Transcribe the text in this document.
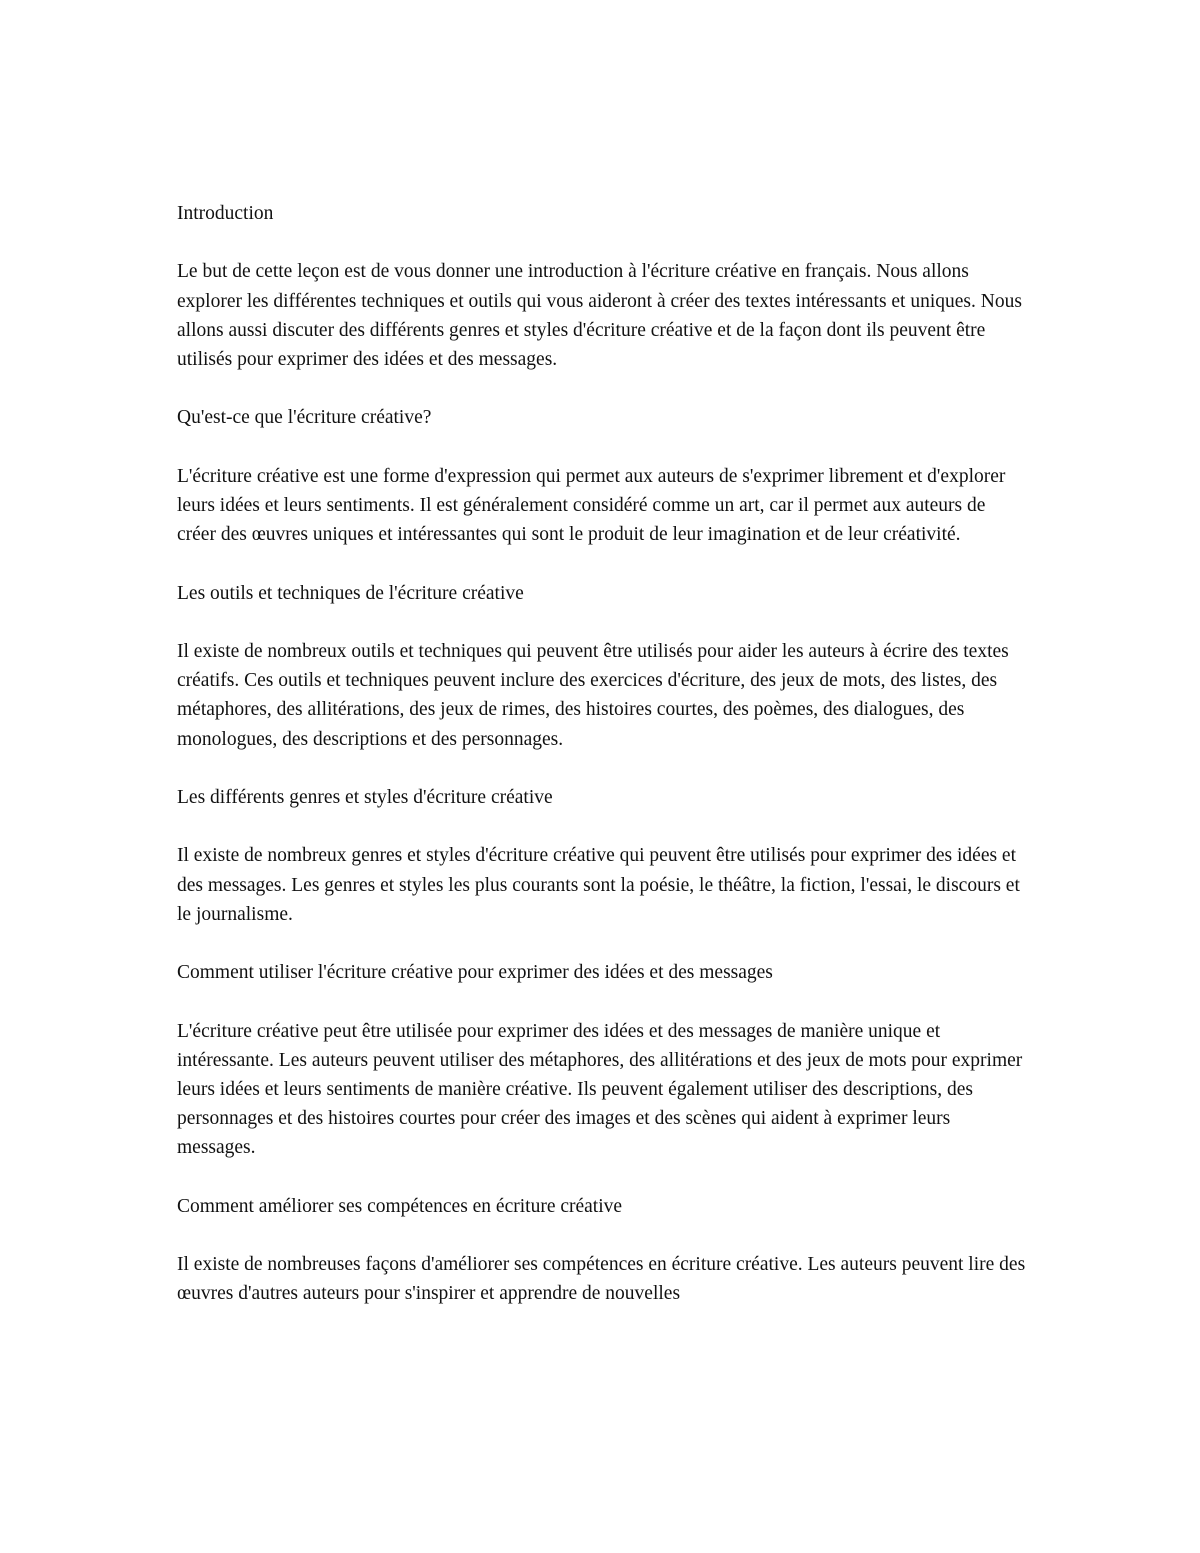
Introduction

Le but de cette leçon est de vous donner une introduction à l'écriture créative en français. Nous allons explorer les différentes techniques et outils qui vous aideront à créer des textes intéressants et uniques. Nous allons aussi discuter des différents genres et styles d'écriture créative et de la façon dont ils peuvent être utilisés pour exprimer des idées et des messages.

Qu'est-ce que l'écriture créative?

L'écriture créative est une forme d'expression qui permet aux auteurs de s'exprimer librement et d'explorer leurs idées et leurs sentiments. Il est généralement considéré comme un art, car il permet aux auteurs de créer des œuvres uniques et intéressantes qui sont le produit de leur imagination et de leur créativité.

Les outils et techniques de l'écriture créative

Il existe de nombreux outils et techniques qui peuvent être utilisés pour aider les auteurs à écrire des textes créatifs. Ces outils et techniques peuvent inclure des exercices d'écriture, des jeux de mots, des listes, des métaphores, des allitérations, des jeux de rimes, des histoires courtes, des poèmes, des dialogues, des monologues, des descriptions et des personnages.

Les différents genres et styles d'écriture créative

Il existe de nombreux genres et styles d'écriture créative qui peuvent être utilisés pour exprimer des idées et des messages. Les genres et styles les plus courants sont la poésie, le théâtre, la fiction, l'essai, le discours et le journalisme.

Comment utiliser l'écriture créative pour exprimer des idées et des messages

L'écriture créative peut être utilisée pour exprimer des idées et des messages de manière unique et intéressante. Les auteurs peuvent utiliser des métaphores, des allitérations et des jeux de mots pour exprimer leurs idées et leurs sentiments de manière créative. Ils peuvent également utiliser des descriptions, des personnages et des histoires courtes pour créer des images et des scènes qui aident à exprimer leurs messages.

Comment améliorer ses compétences en écriture créative

Il existe de nombreuses façons d'améliorer ses compétences en écriture créative. Les auteurs peuvent lire des œuvres d'autres auteurs pour s'inspirer et apprendre de nouvelles
